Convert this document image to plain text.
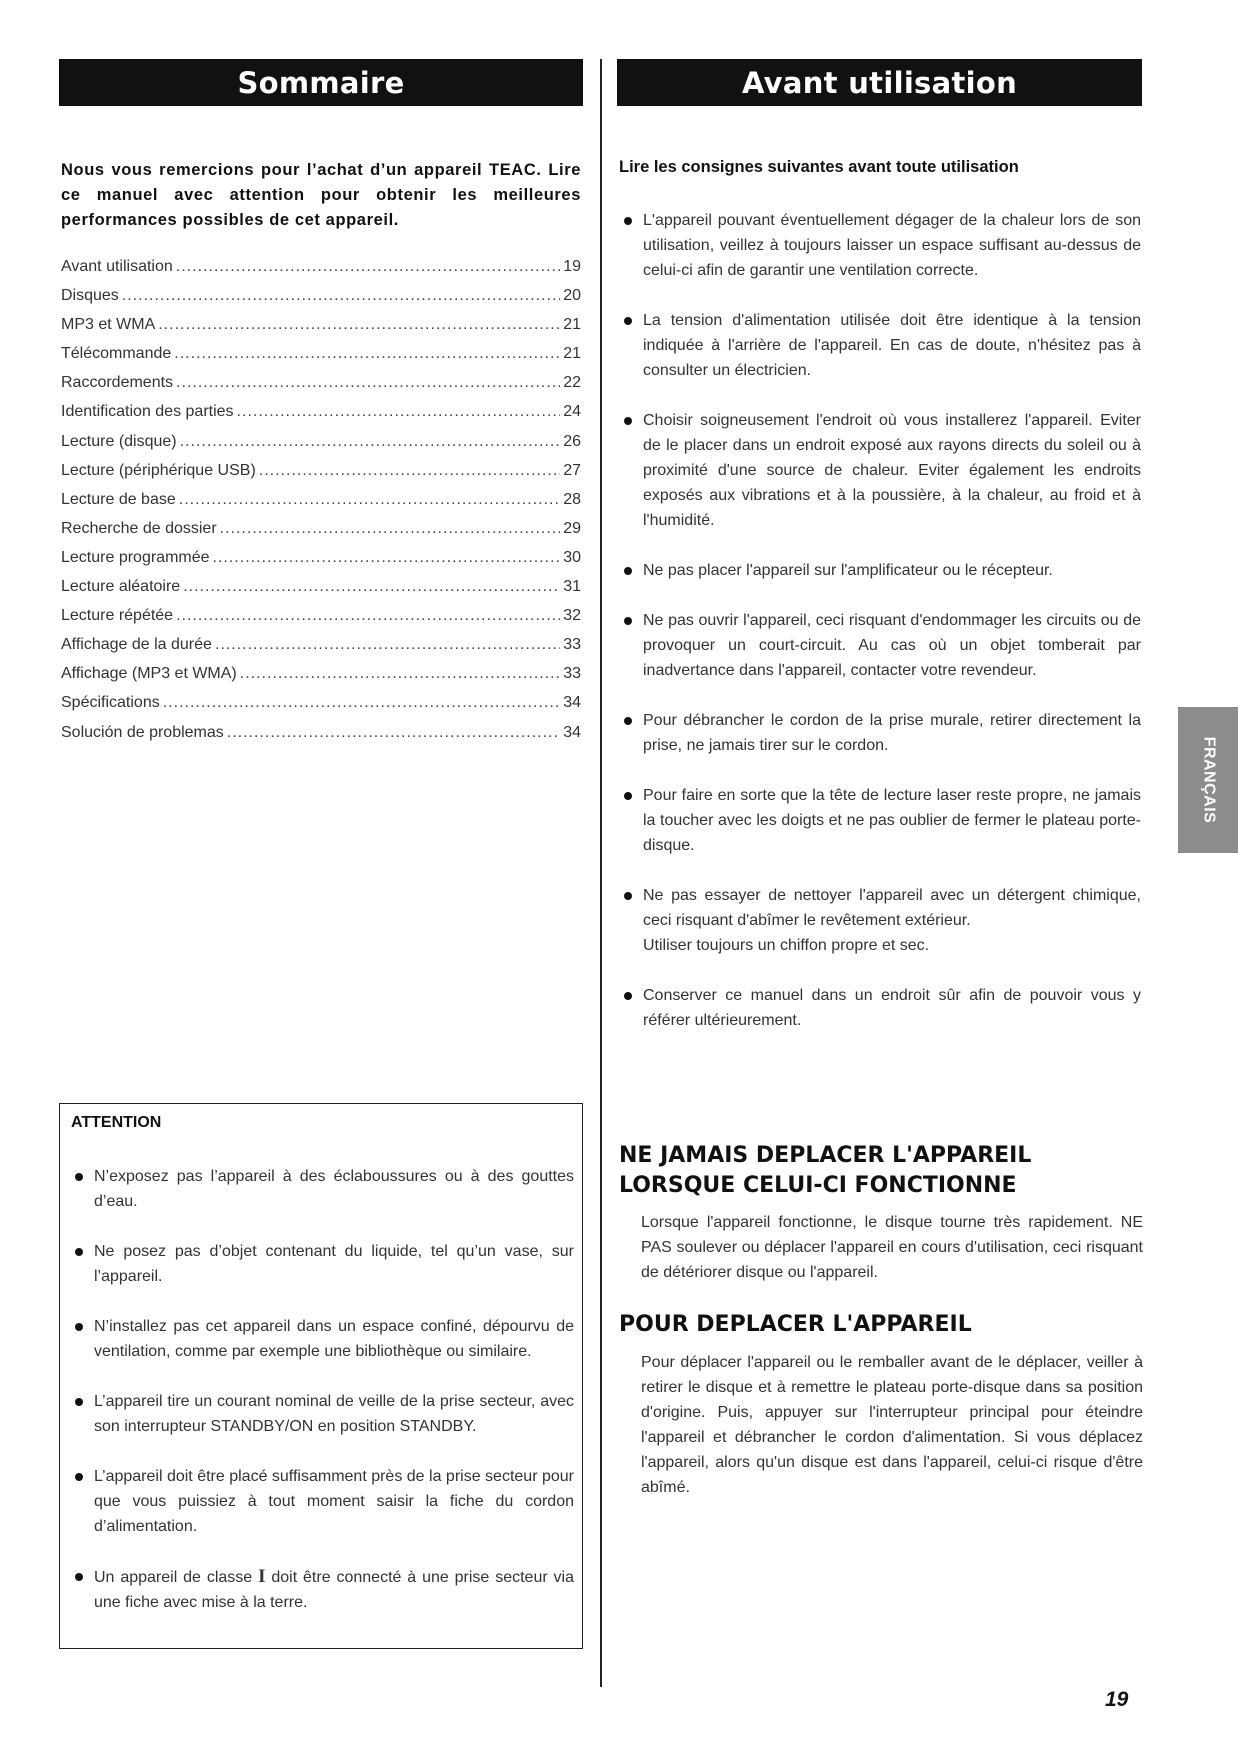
Sommaire	Avant utilisation

Nous vous remercions pour l’achat d’un appareil TEAC. Lire ce manuel avec attention pour obtenir les meilleures performances possibles de cet appareil.

Avant utilisation .....	19
Disques .....	20
MP3 et WMA .....	21
Télécommande .....	21
Raccordements .....	22
Identification des parties .....	24
Lecture (disque) .....	26
Lecture (périphérique USB) .....	27
Lecture de base .....	28
Recherche de dossier .....	29
Lecture programmée .....	30
Lecture aléatoire .....	31
Lecture répétée .....	32
Affichage de la durée .....	33
Affichage (MP3 et WMA) .....	33
Spécifications .....	34
Solución de problemas .....	34
Lire les consignes suivantes avant toute utilisation
L'appareil pouvant éventuellement dégager de la chaleur lors de son utilisation, veillez à toujours laisser un espace suffisant au-dessus de celui-ci afin de garantir une ventilation correcte.
La tension d'alimentation utilisée doit être identique à la tension indiquée à l'arrière de l'appareil. En cas de doute, n'hésitez pas à consulter un électricien.
Choisir soigneusement l'endroit où vous installerez l'appareil. Eviter de le placer dans un endroit exposé aux rayons directs du soleil ou à proximité d'une source de chaleur. Eviter également les endroits exposés aux vibrations et à la poussière, à la chaleur, au froid et à l'humidité.
Ne pas placer l'appareil sur l'amplificateur ou le récepteur.
Ne pas ouvrir l'appareil, ceci risquant d'endommager les circuits ou de provoquer un court-circuit. Au cas où un objet tomberait par inadvertance dans l'appareil, contacter votre revendeur.
Pour débrancher le cordon de la prise murale, retirer directement la prise, ne jamais tirer sur le cordon.
Pour faire en sorte que la tête de lecture laser reste propre, ne jamais la toucher avec les doigts et ne pas oublier de fermer le plateau porte-disque.
Ne pas essayer de nettoyer l'appareil avec un détergent chimique, ceci risquant d'abîmer le revêtement extérieur.
Utiliser toujours un chiffon propre et sec.
Conserver ce manuel dans un endroit sûr afin de pouvoir vous y référer ultérieurement.
ATTENTION
N’exposez pas l’appareil à des éclaboussures ou à des gouttes d’eau.
Ne posez pas d’objet contenant du liquide, tel qu’un vase, sur l’appareil.
N’installez pas cet appareil dans un espace confiné, dépourvu de ventilation, comme par exemple une bibliothèque ou similaire.
L’appareil tire un courant nominal de veille de la prise secteur, avec son interrupteur STANDBY/ON en position STANDBY.
L’appareil doit être placé suffisamment près de la prise secteur pour que vous puissiez à tout moment saisir la fiche du cordon d’alimentation.
Un appareil de classe I doit être connecté à une prise secteur via une fiche avec mise à la terre.
NE JAMAIS DEPLACER L'APPAREIL LORSQUE CELUI-CI FONCTIONNE

Lorsque l'appareil fonctionne, le disque tourne très rapidement. NE PAS soulever ou déplacer l'appareil en cours d'utilisation, ceci risquant de détériorer disque ou l'appareil.

POUR DEPLACER L'APPAREIL

Pour déplacer l'appareil ou le remballer avant de le déplacer, veiller à retirer le disque et à remettre le plateau porte-disque dans sa position d'origine. Puis, appuyer sur l'interrupteur principal pour éteindre l'appareil et débrancher le cordon d'alimentation. Si vous déplacez l'appareil, alors qu'un disque est dans l'appareil, celui-ci risque d'être abîmé.

FRANÇAIS
19
